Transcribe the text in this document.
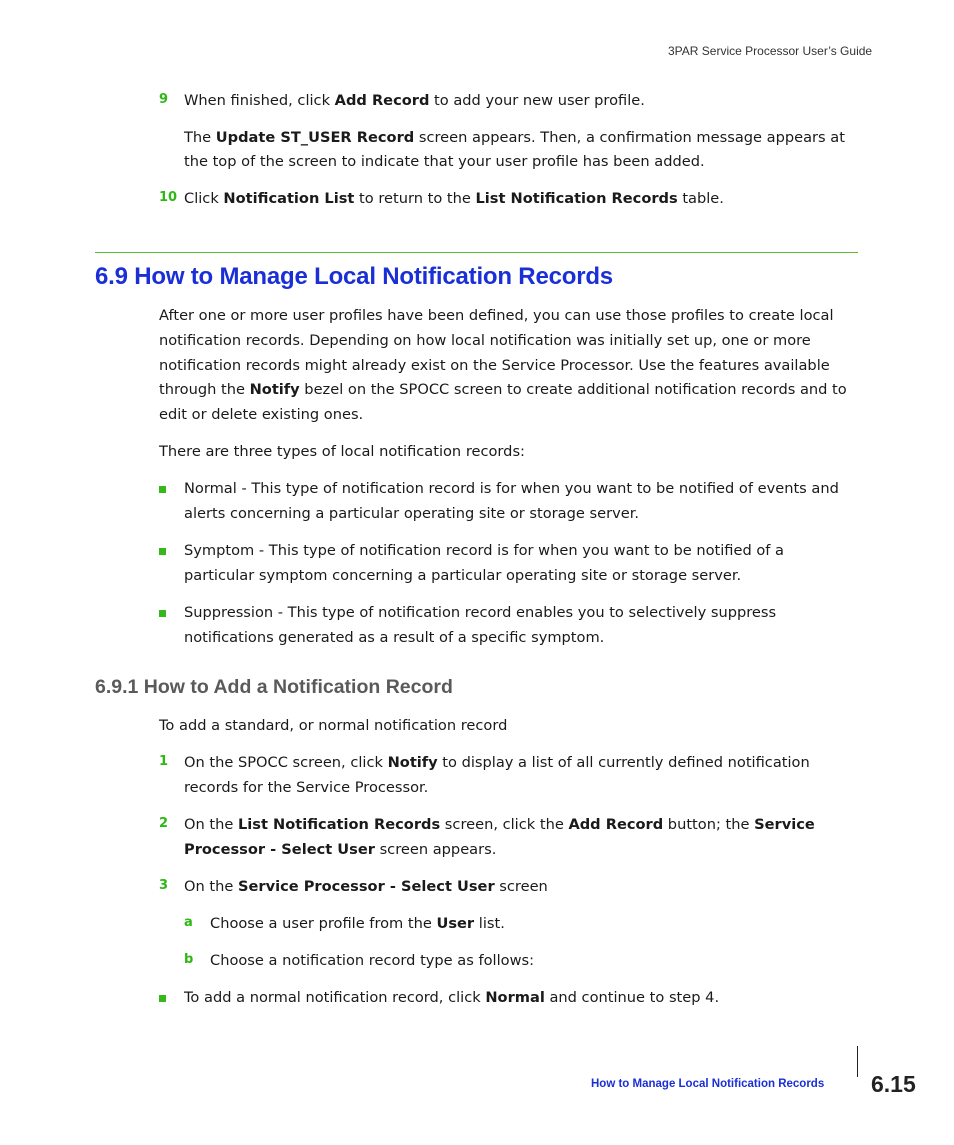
3PAR Service Processor User’s Guide
9 When finished, click Add Record to add your new user profile.

The Update ST_USER Record screen appears. Then, a confirmation message appears at

the top of the screen to indicate that your user profile has been added.

10 Click Notification List to return to the List Notification Records table.

6.9 How to Manage Local Notification Records

After one or more user profiles have been defined, you can use those profiles to create local

notification records. Depending on how local notification was initially set up, one or more

notification records might already exist on the Service Processor. Use the features available

through the Notify bezel on the SPOCC screen to create additional notification records and to

edit or delete existing ones.

There are three types of local notification records:

Normal - This type of notification record is for when you want to be notified of events and

alerts concerning a particular operating site or storage server.

Symptom - This type of notification record is for when you want to be notified of a

particular symptom concerning a particular operating site or storage server.

Suppression - This type of notification record enables you to selectively suppress

notifications generated as a result of a specific symptom.

6.9.1 How to Add a Notification Record

To add a standard, or normal notification record

1 On the SPOCC screen, click Notify to display a list of all currently defined notification

records for the Service Processor.

2 On the List Notification Records screen, click the Add Record button; the Service

Processor - Select User screen appears.

3 On the Service Processor - Select User screen

a Choose a user profile from the User list.

b Choose a notification record type as follows:

To add a normal notification record, click Normal and continue to step 4.

How to Manage Local Notification Records 6.15
